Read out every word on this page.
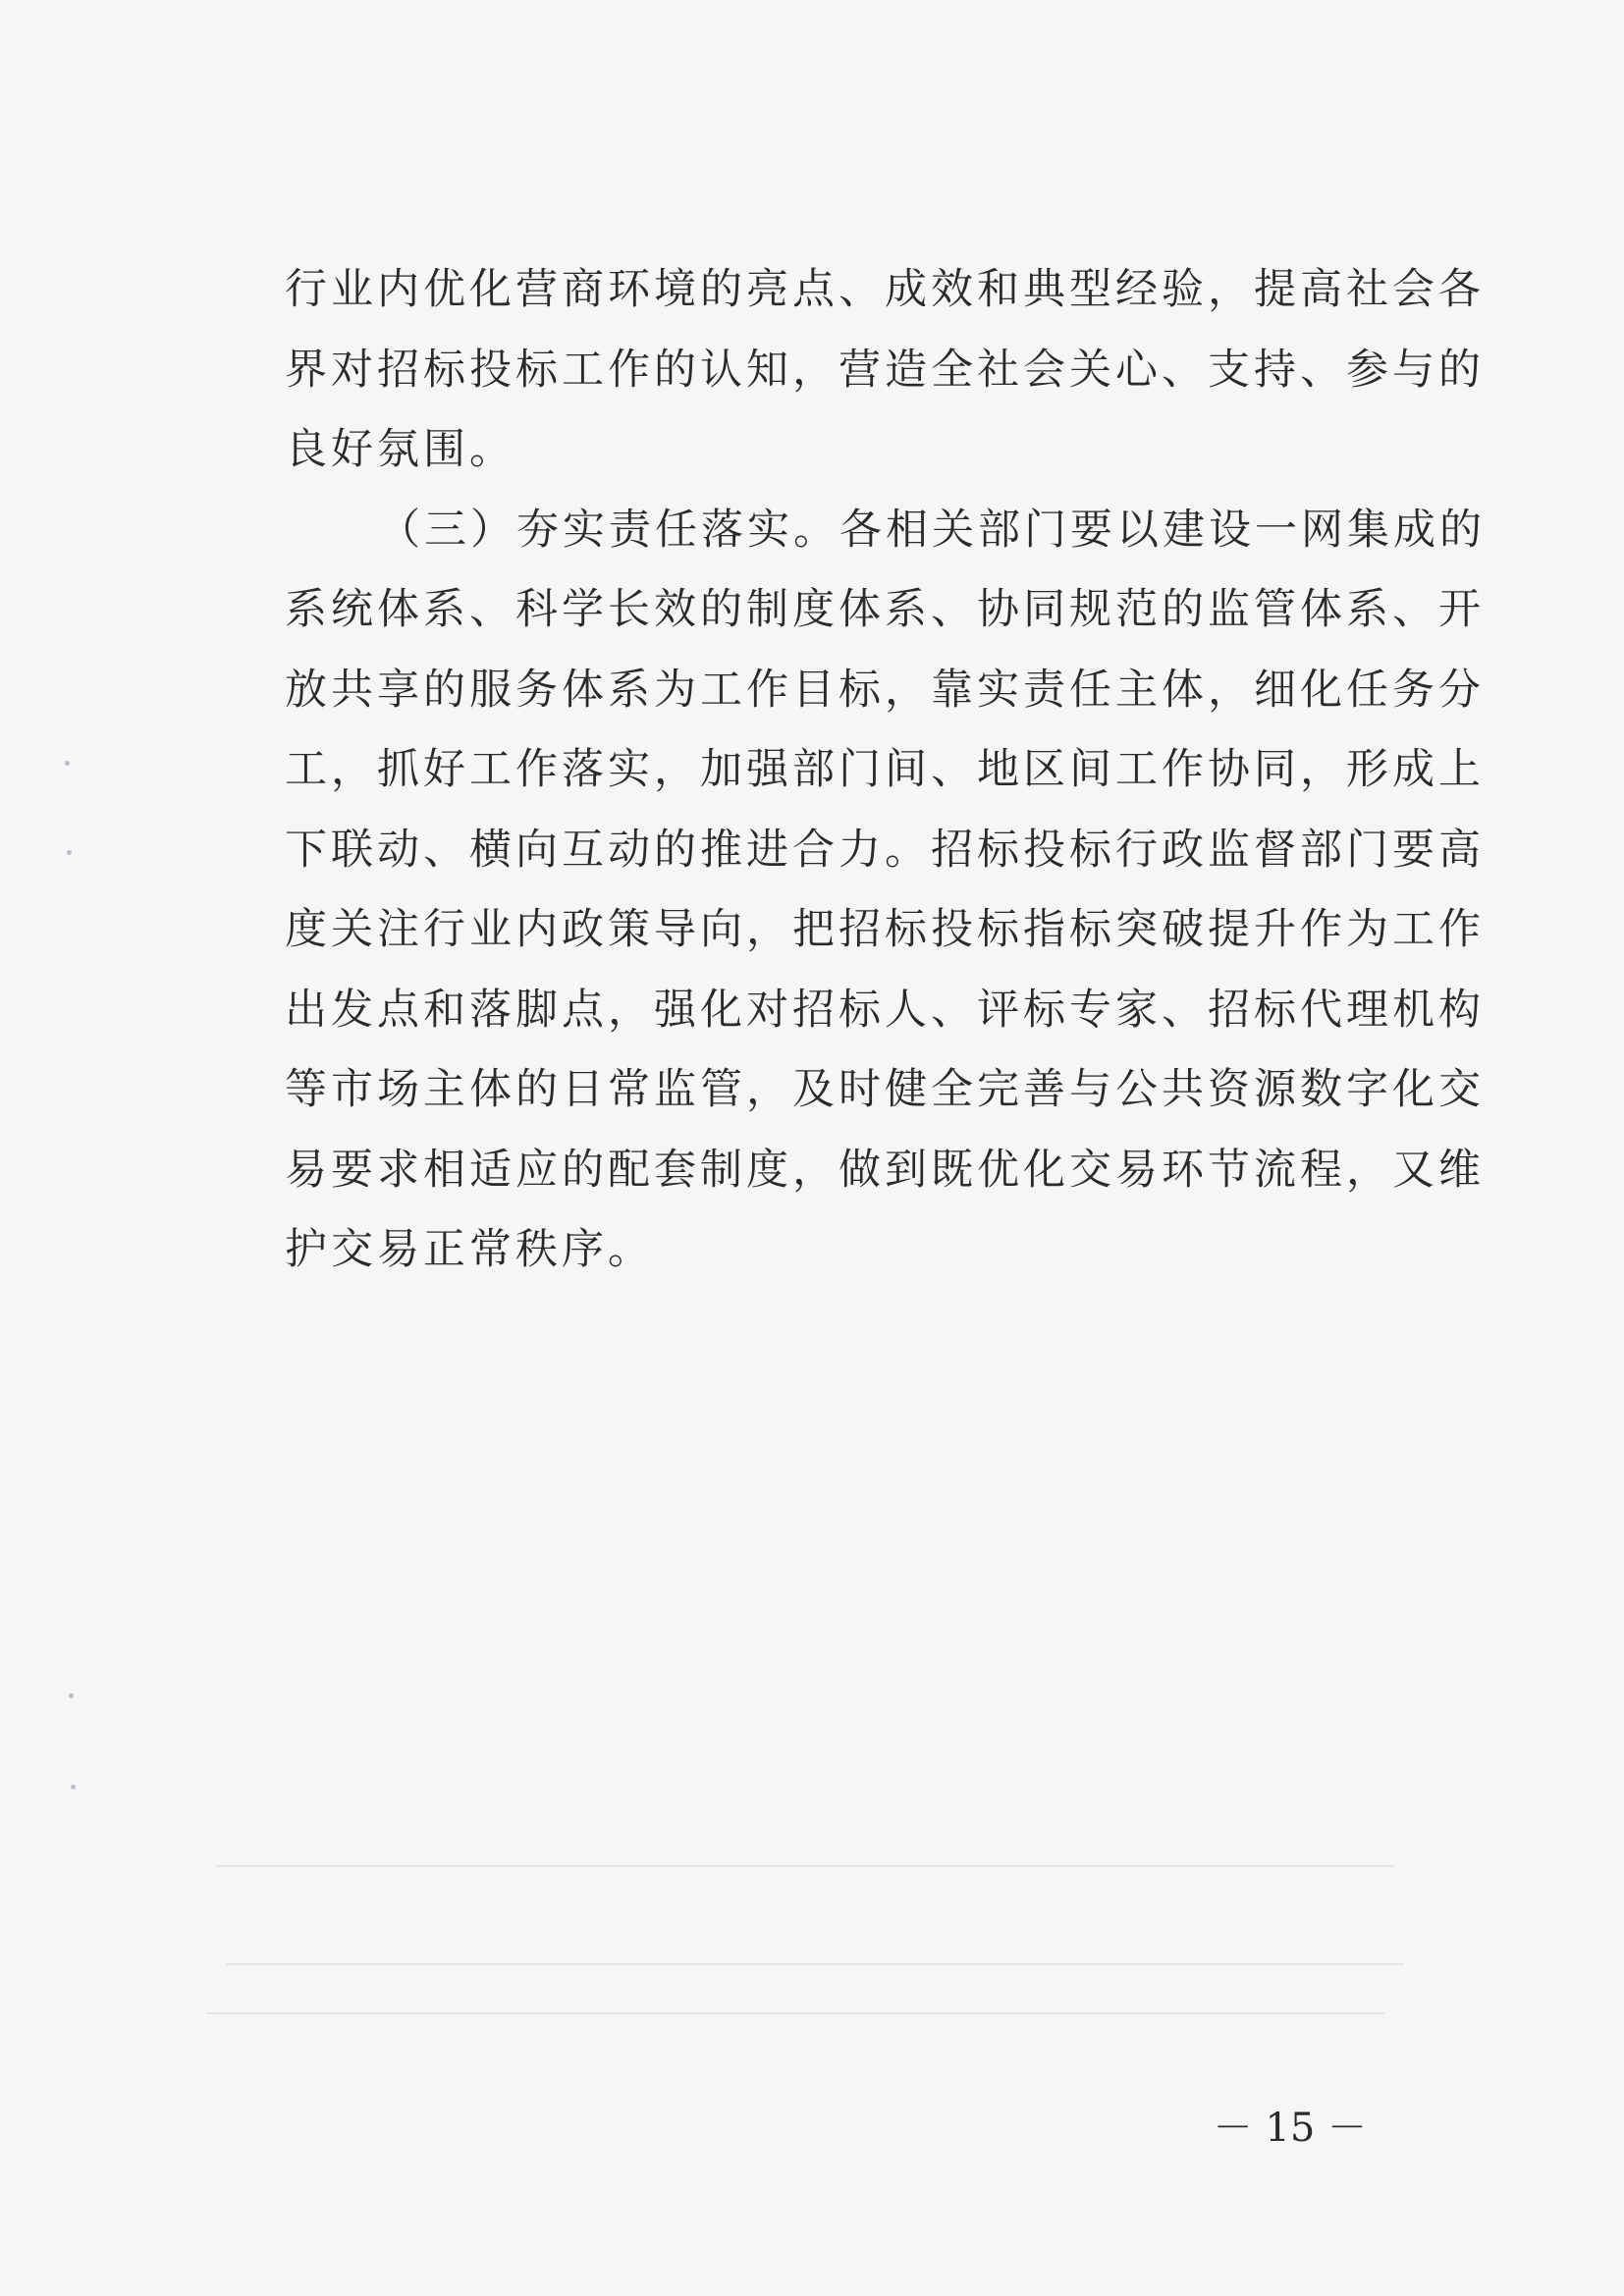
行业内优化营商环境的亮点、成效和典型经验，提高社会各
界对招标投标工作的认知，营造全社会关心、支持、参与的
良好氛围。
（三）夯实责任落实。各相关部门要以建设一网集成的
系统体系、科学长效的制度体系、协同规范的监管体系、开
放共享的服务体系为工作目标，靠实责任主体，细化任务分
工，抓好工作落实，加强部门间、地区间工作协同，形成上
下联动、横向互动的推进合力。招标投标行政监督部门要高
度关注行业内政策导向，把招标投标指标突破提升作为工作
出发点和落脚点，强化对招标人、评标专家、招标代理机构
等市场主体的日常监管，及时健全完善与公共资源数字化交
易要求相适应的配套制度，做到既优化交易环节流程，又维
护交易正常秩序。
－ 15 －
